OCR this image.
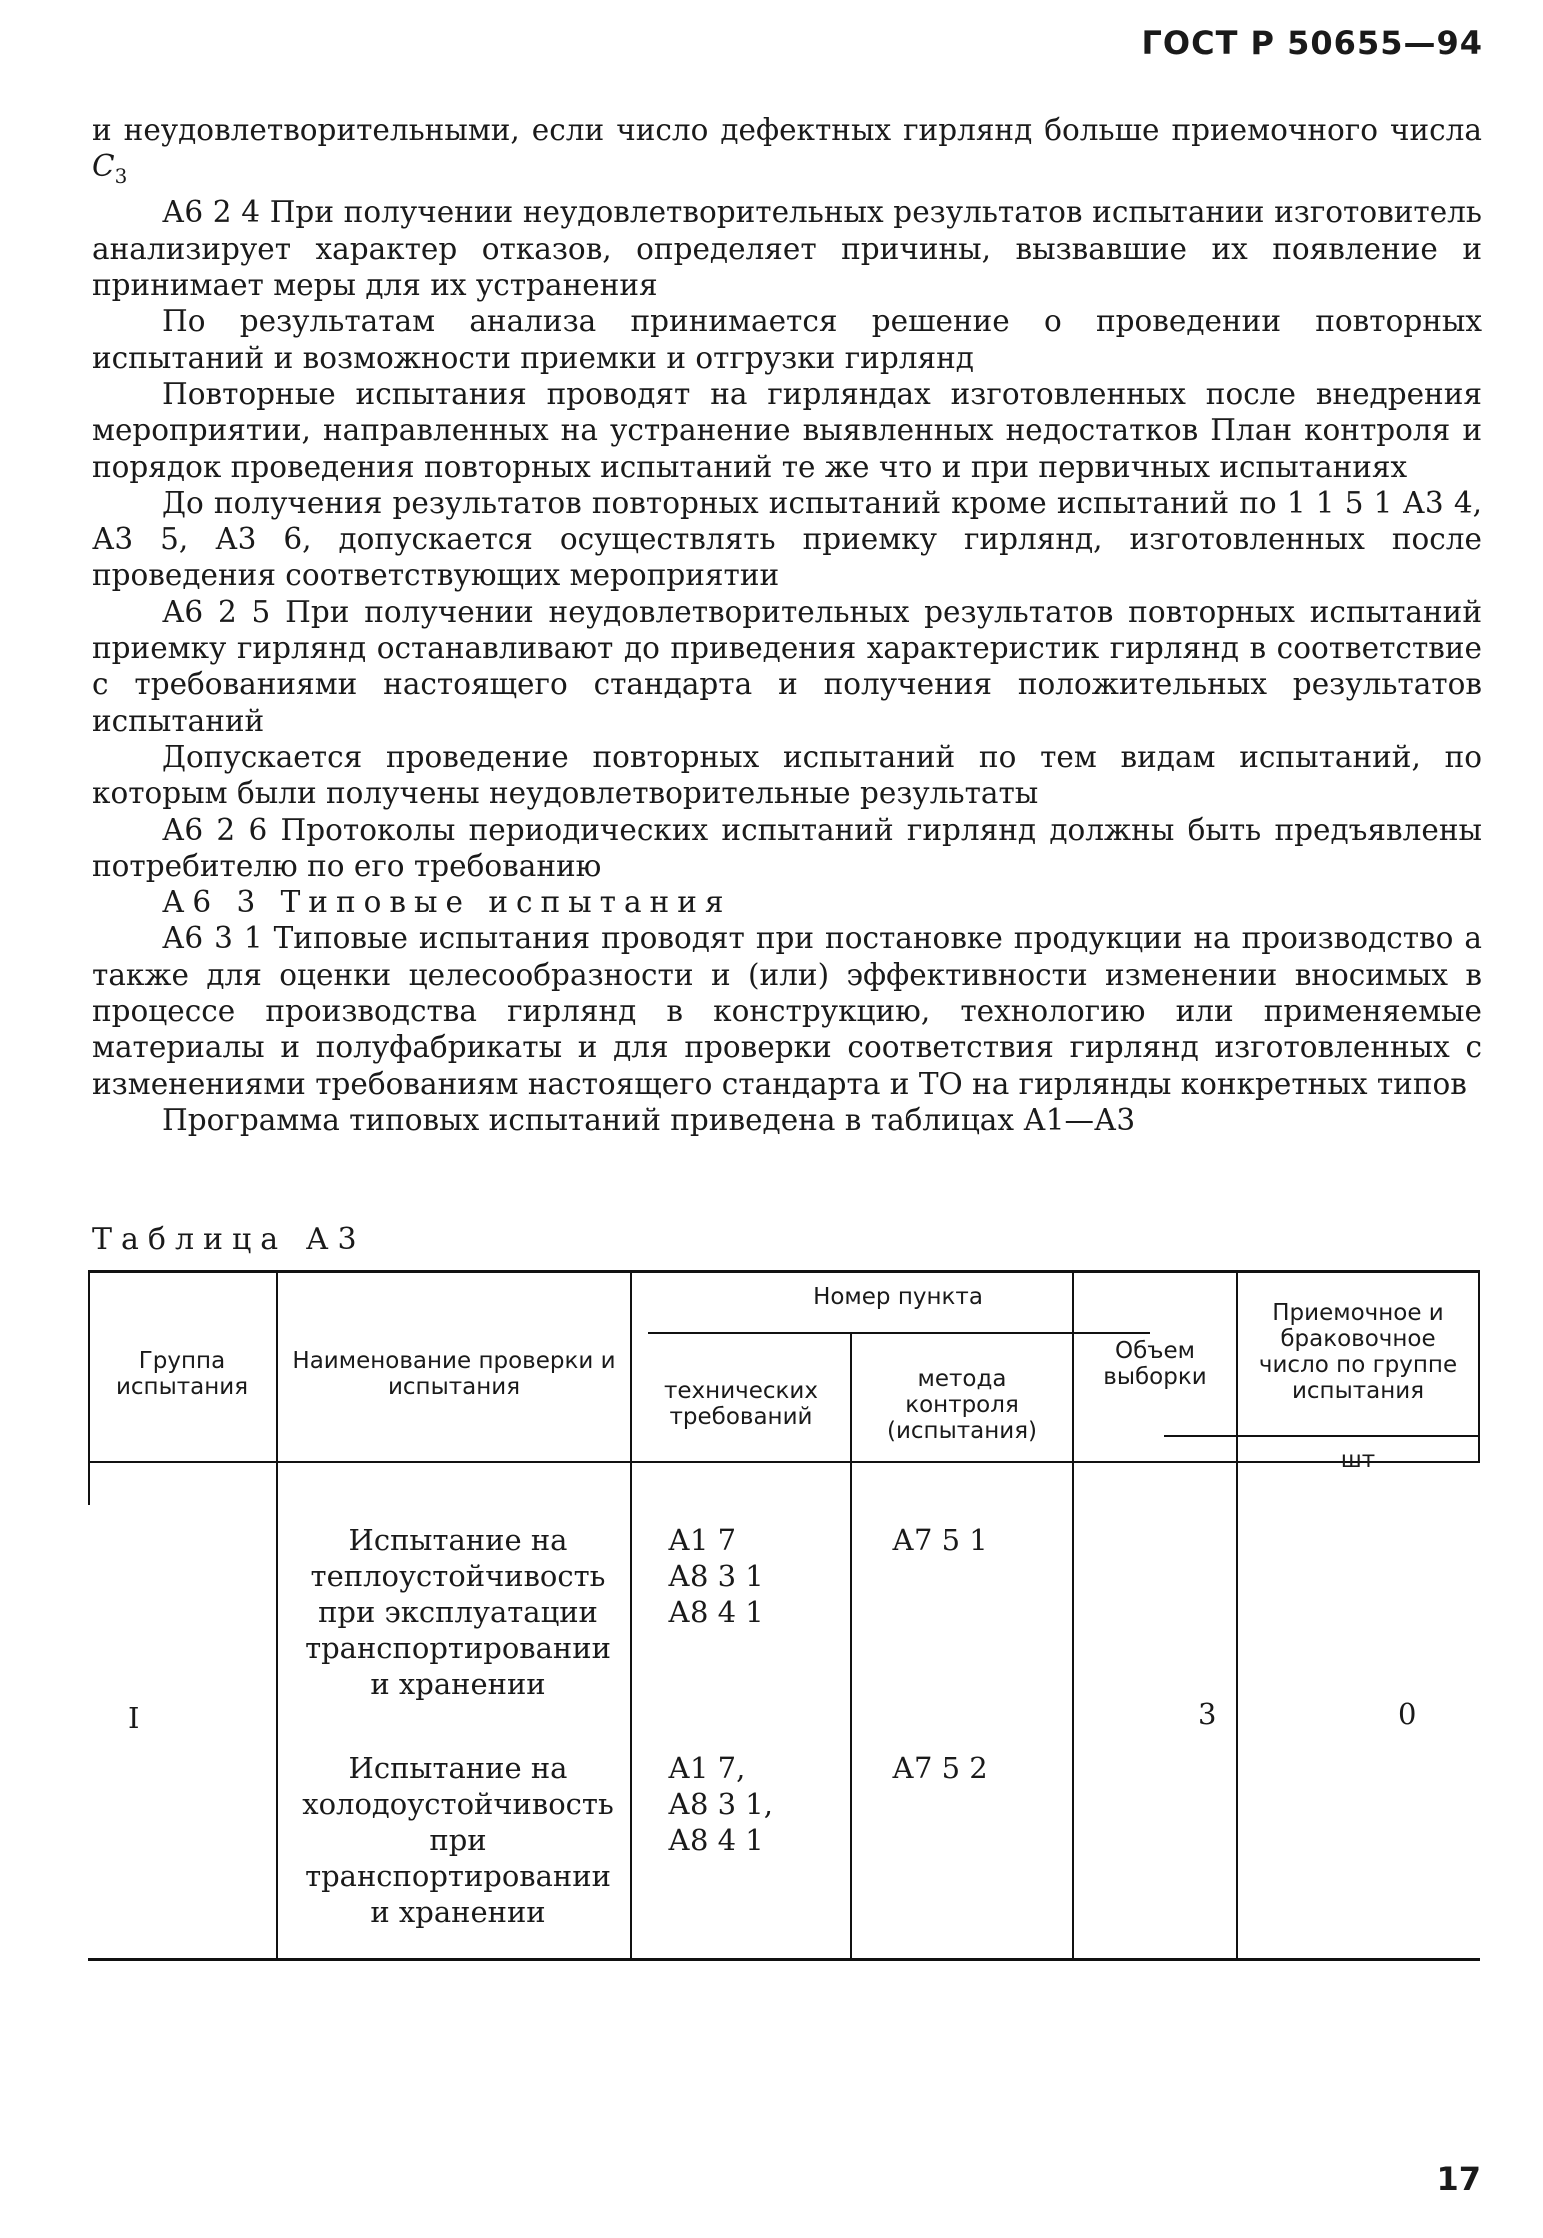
ГОСТ Р 50655—94

и неудовлетворительными, если число дефектных гирлянд больше приемочного числа $C_3$

А6 2 4 При получении неудовлетворительных результатов испытании изготовитель анализирует характер отказов, определяет причины, вызвавшие их появление и принимает меры для их устранения

По результатам анализа принимается решение о проведении повторных испытаний и возможности приемки и отгрузки гирлянд

Повторные испытания проводят на гирляндах изготовленных после внедрения мероприятии, направленных на устранение выявленных недостатков План контроля и порядок проведения повторных испытаний те же что и при первичных испытаниях

До получения результатов повторных испытаний кроме испытаний по 1 1 5 1 А3 4, А3 5, А3 6, допускается осуществлять приемку гирлянд, изготовленных после проведения соответствующих мероприятии

А6 2 5 При получении неудовлетворительных результатов повторных испытаний приемку гирлянд останавливают до приведения характеристик гирлянд в соответствие с требованиями настоящего стандарта и получения положительных результатов испытаний

Допускается проведение повторных испытаний по тем видам испытаний, по которым были получены неудовлетворительные результаты

А6 2 6 Протоколы периодических испытаний гирлянд должны быть предъявлены потребителю по его требованию

А6 3 Типовые испытания

А6 3 1 Типовые испытания проводят при постановке продукции на производство а также для оценки целесообразности и (или) эффективности изменении вносимых в процессе производства гирлянд в конструкцию, технологию или применяемые материалы и полуфабрикаты и для проверки соответствия гирлянд изготовленных с изменениями требованиям настоящего стандарта и ТО на гирлянды конкретных типов

Программа типовых испытаний приведена в таблицах А1—А3

Таблица А3
Группа испытания
Наименование проверки и испытания
Номер пункта
технических требований
метода контроля (испытания)
Объем выборки
Приемочное и браковочное число по группе испытания
шт
I
Испытание на теплоустойчивость при эксплуатации транспортировании и хранении
А1 7
А8 3 1
А8 4 1
А7 5 1
Испытание на холодоустойчивость при транспортировании и хранении
А1 7,
А8 3 1,
А8 4 1
А7 5 2
3	0
17
